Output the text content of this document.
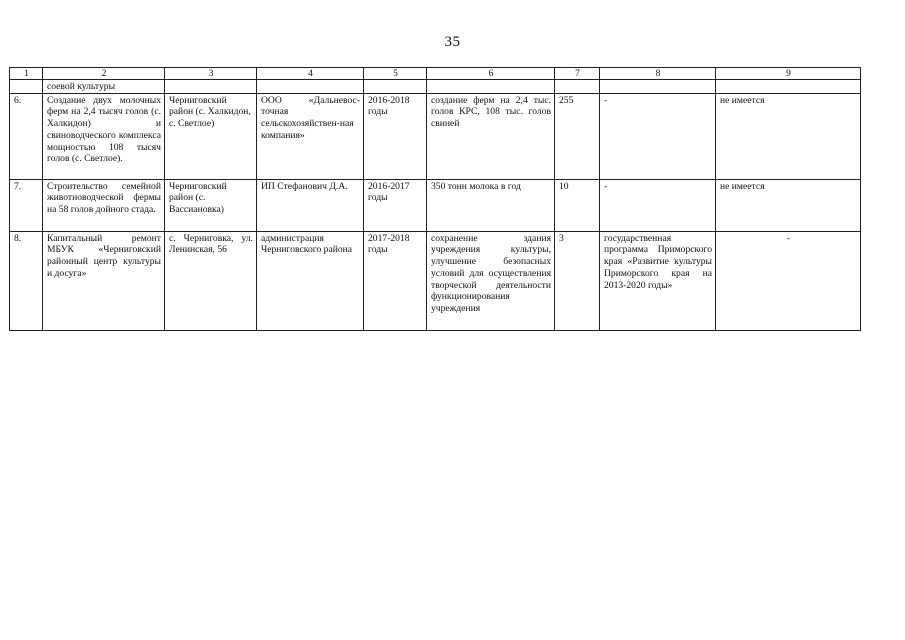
35
1	2	3	4	5	6	7	8	9
	соевой культуры							
6.	Создание двух молочных ферм на 2,4 тысяч голов (с. Халкидон) и свиноводческого комплекса мощностью 108 тысяч голов (с. Светлое).	Черниговский район (с. Халкидон, с. Светлое)	ООО «Дальневос-точная сельскохозяйствен-ная компания»	2016-2018 годы	создание ферм на 2,4 тыс. голов КРС, 108 тыс. голов свиней	255	-	не имеется
7.	Строительство семейной животноводческой фермы на 58 голов дойного стада.	Черниговский район (с. Вассиановка)	ИП Стефанович Д.А.	2016-2017 годы	350 тонн молока в год	10	-	не имеется
8.	Капитальный ремонт МБУК «Черниговский районный центр культуры и досуга»	с. Черниговка, ул. Ленинская, 56	администрация Черниговского района	2017-2018 годы	сохранение здания учреждения культуры, улучшение безопасных условий для осуществления творческой деятельности функционирования учреждения	3	государственная программа Приморского края «Развитие культуры Приморского края на 2013-2020 годы»	-
